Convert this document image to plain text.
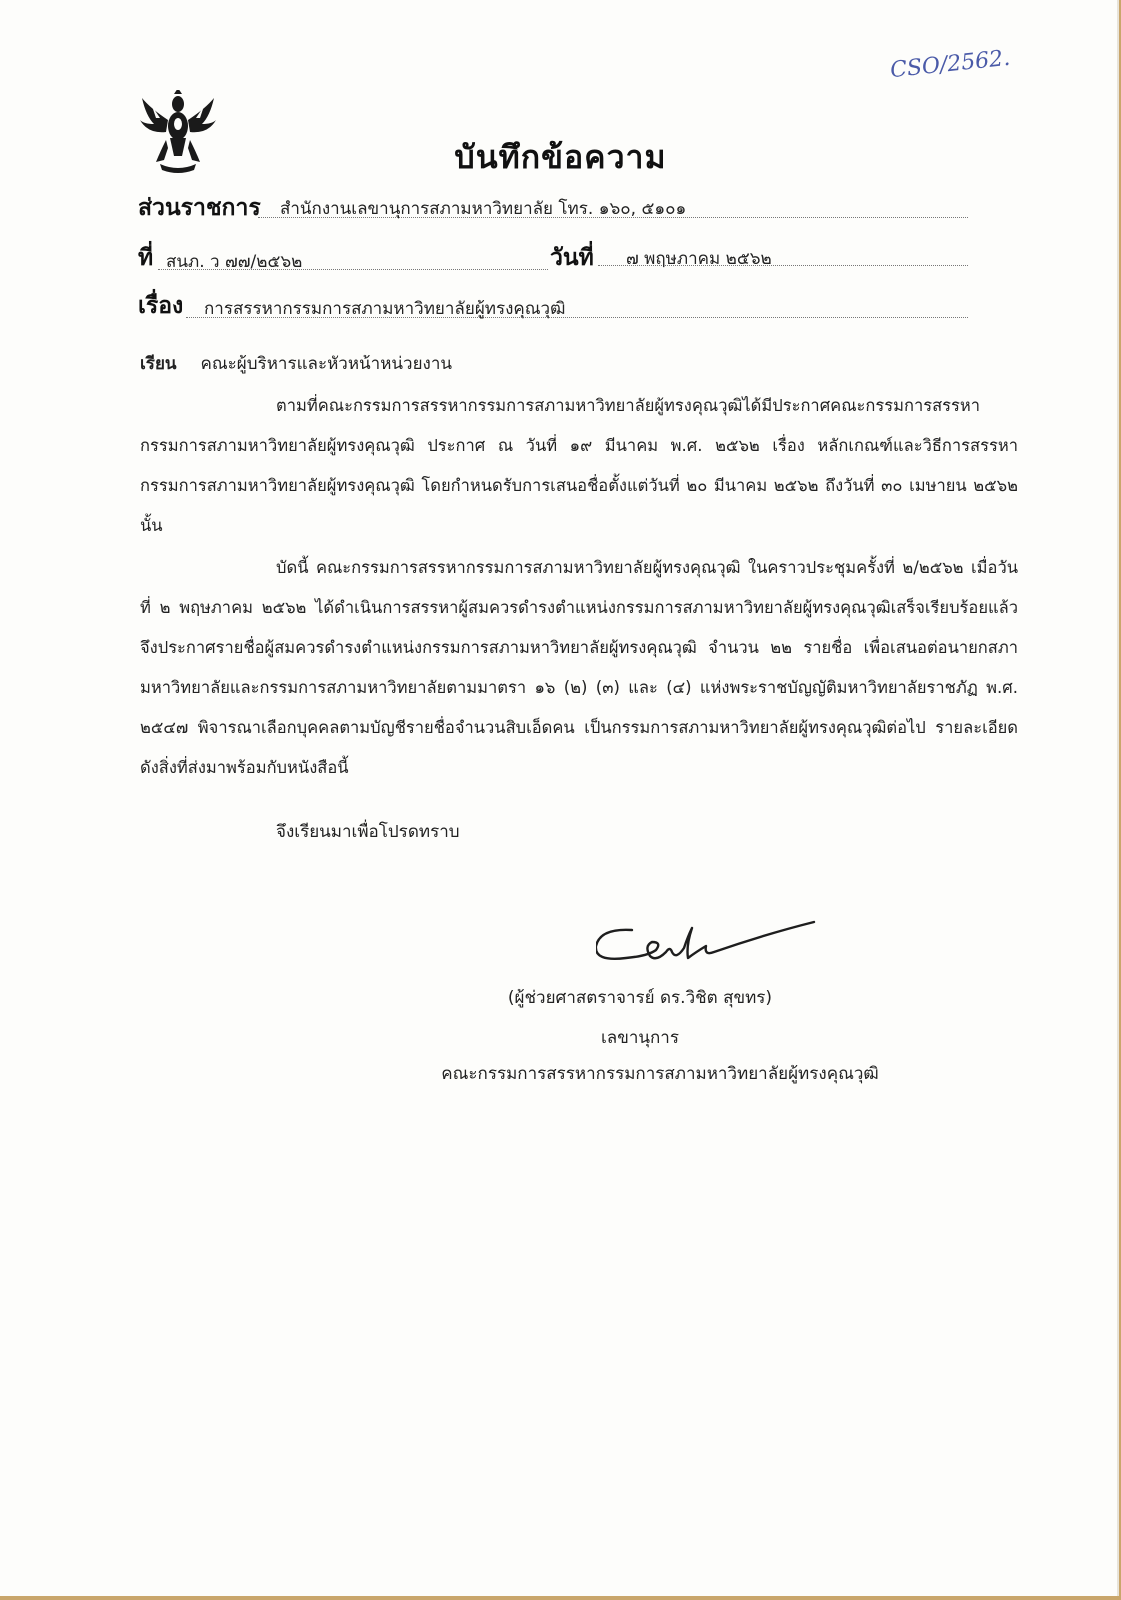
CSO/2562.
บันทึกข้อความ
ส่วนราชการ สำนักงานเลขานุการสภามหาวิทยาลัย โทร. ๑๖๐, ๕๑๐๑
ที่ สนภ. ว ๗๗/๒๕๖๒	วันที่ ๗ พฤษภาคม ๒๕๖๒
เรื่อง การสรรหากรรมการสภามหาวิทยาลัยผู้ทรงคุณวุฒิ
เรียน คณะผู้บริหารและหัวหน้าหน่วยงาน
ตามที่คณะกรรมการสรรหากรรมการสภามหาวิทยาลัยผู้ทรงคุณวุฒิได้มีประกาศคณะกรรมการสรรหากรรมการสภามหาวิทยาลัยผู้ทรงคุณวุฒิ ประกาศ ณ วันที่ ๑๙ มีนาคม พ.ศ. ๒๕๖๒ เรื่อง หลักเกณฑ์และวิธีการสรรหากรรมการสภามหาวิทยาลัยผู้ทรงคุณวุฒิ โดยกำหนดรับการเสนอชื่อตั้งแต่วันที่ ๒๐ มีนาคม ๒๕๖๒ ถึงวันที่ ๓๐ เมษายน ๒๕๖๒ นั้น
บัดนี้ คณะกรรมการสรรหากรรมการสภามหาวิทยาลัยผู้ทรงคุณวุฒิ ในคราวประชุมครั้งที่ ๒/๒๕๖๒ เมื่อวันที่ ๒ พฤษภาคม ๒๕๖๒ ได้ดำเนินการสรรหาผู้สมควรดำรงตำแหน่งกรรมการสภามหาวิทยาลัยผู้ทรงคุณวุฒิเสร็จเรียบร้อยแล้ว จึงประกาศรายชื่อผู้สมควรดำรงตำแหน่งกรรมการสภามหาวิทยาลัยผู้ทรงคุณวุฒิ จำนวน ๒๒ รายชื่อ เพื่อเสนอต่อนายกสภามหาวิทยาลัยและกรรมการสภามหาวิทยาลัยตามมาตรา ๑๖ (๒) (๓) และ (๔) แห่งพระราชบัญญัติมหาวิทยาลัยราชภัฏ พ.ศ. ๒๕๔๗ พิจารณาเลือกบุคคลตามบัญชีรายชื่อจำนวนสิบเอ็ดคน เป็นกรรมการสภามหาวิทยาลัยผู้ทรงคุณวุฒิต่อไป รายละเอียดดังสิ่งที่ส่งมาพร้อมกับหนังสือนี้
จึงเรียนมาเพื่อโปรดทราบ
(ผู้ช่วยศาสตราจารย์ ดร.วิชิต สุขทร)
เลขานุการ
คณะกรรมการสรรหากรรมการสภามหาวิทยาลัยผู้ทรงคุณวุฒิ
